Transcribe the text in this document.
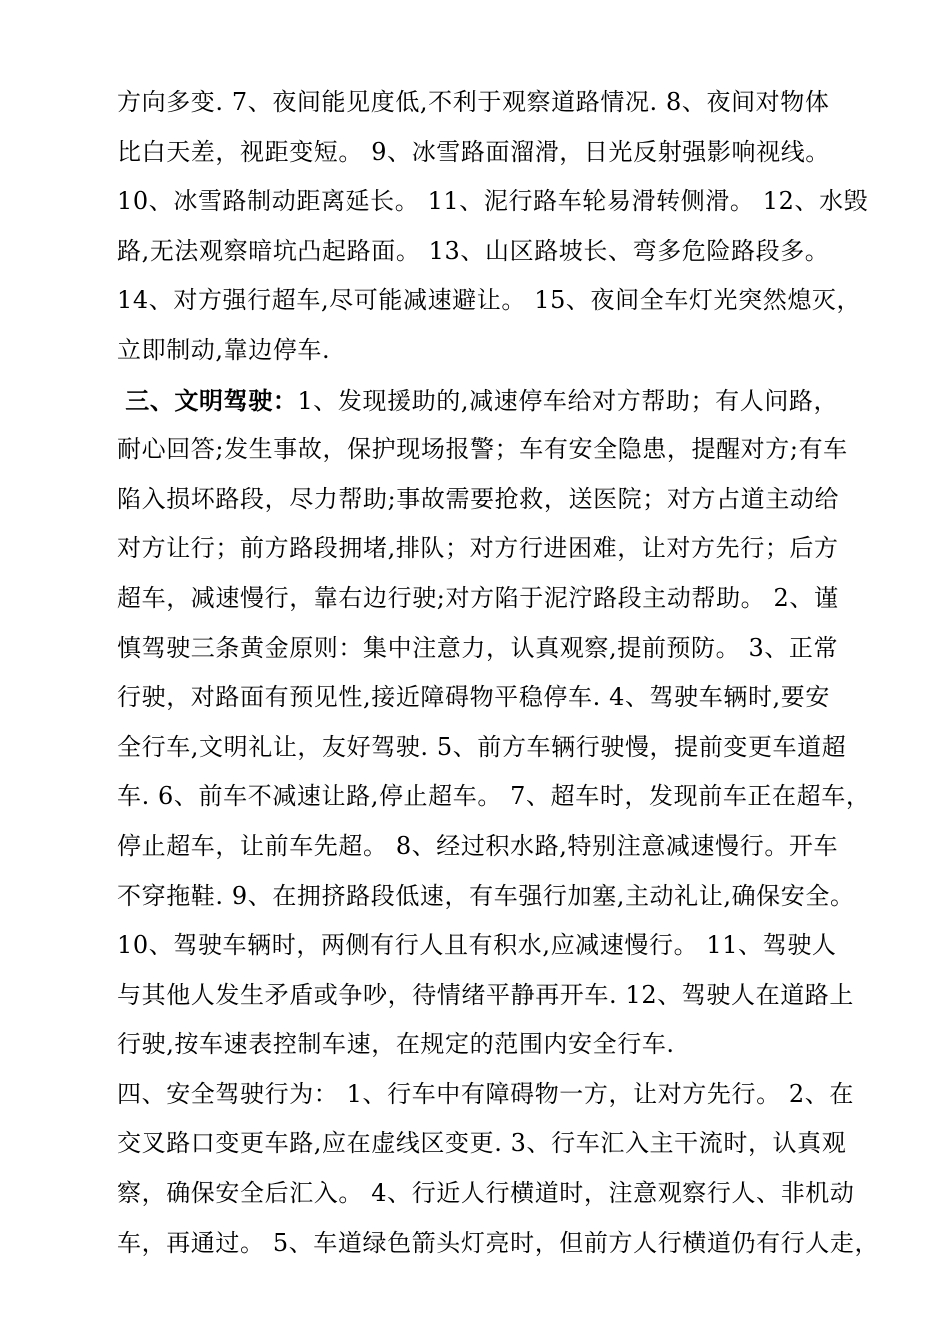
方向多变. 7、夜间能见度低,不利于观察道路情况. 8、夜间对物体
比白天差，视距变短。 9、冰雪路面溜滑，日光反射强影响视线。
10、冰雪路制动距离延长。 11、泥行路车轮易滑转侧滑。 12、水毁
路,无法观察暗坑凸起路面。 13、山区路坡长、弯多危险路段多。
14、对方强行超车,尽可能减速避让。 15、夜间全车灯光突然熄灭，
立即制动,靠边停车.
三、文明驾驶：1、发现援助的,减速停车给对方帮助；有人问路，
耐心回答;发生事故，保护现场报警；车有安全隐患，提醒对方;有车
陷入损坏路段，尽力帮助;事故需要抢救，送医院；对方占道主动给
对方让行；前方路段拥堵,排队；对方行进困难，让对方先行；后方
超车，减速慢行，靠右边行驶;对方陷于泥泞路段主动帮助。 2、谨
慎驾驶三条黄金原则：集中注意力，认真观察,提前预防。 3、正常
行驶，对路面有预见性,接近障碍物平稳停车. 4、驾驶车辆时,要安
全行车,文明礼让，友好驾驶. 5、前方车辆行驶慢，提前变更车道超
车. 6、前车不减速让路,停止超车。 7、超车时，发现前车正在超车，
停止超车，让前车先超。 8、经过积水路,特别注意减速慢行。开车
不穿拖鞋. 9、在拥挤路段低速，有车强行加塞,主动礼让,确保安全。
10、驾驶车辆时，两侧有行人且有积水,应减速慢行。 11、驾驶人
与其他人发生矛盾或争吵，待情绪平静再开车. 12、驾驶人在道路上
行驶,按车速表控制车速，在规定的范围内安全行车.
四、安全驾驶行为： 1、行车中有障碍物一方，让对方先行。 2、在
交叉路口变更车路,应在虚线区变更. 3、行车汇入主干流时，认真观
察，确保安全后汇入。 4、行近人行横道时，注意观察行人、非机动
车，再通过。 5、车道绿色箭头灯亮时，但前方人行横道仍有行人走，
